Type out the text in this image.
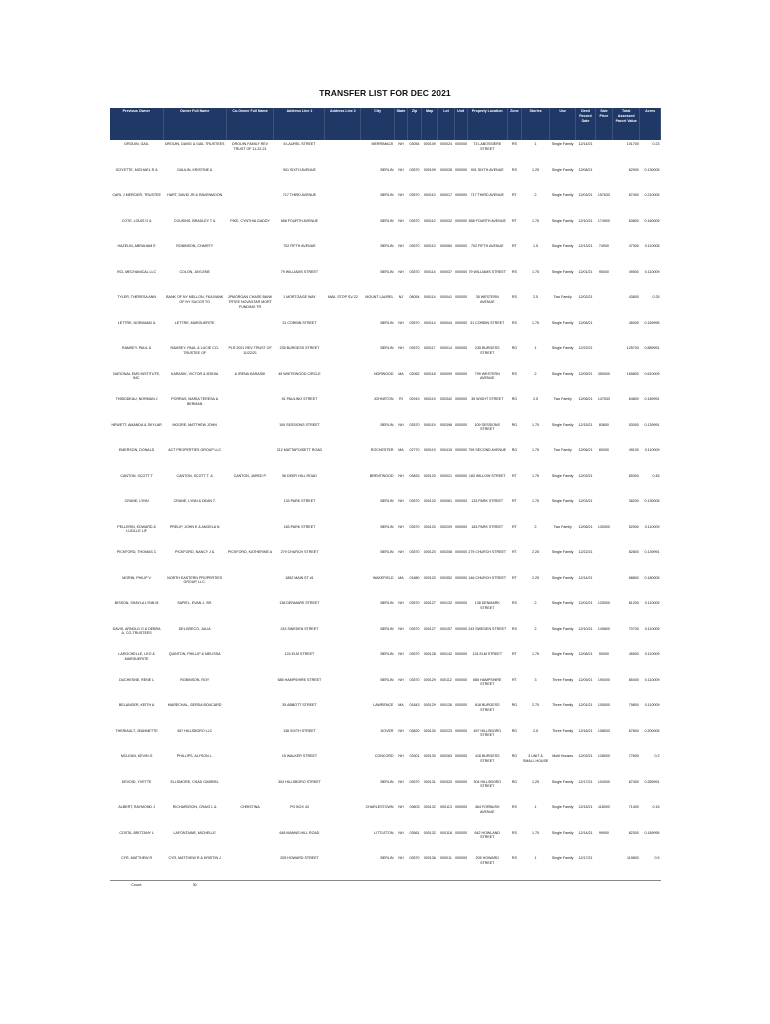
TRANSFER LIST FOR DEC 2021
Previous Owner	Owner Full Name	Co-Owner Full Name	Address Line 1	Address Line 2	City	State	Zip	Map	Lot	Unit	Property Location	Zone	Stories	Use	Deed Record Date	Sale Price	Total Assessed Parcel Value	Acres
DROUIN, GAIL	DROUIN, DAVID & GAIL TRUSTEES	DROUIN FAMILY REV TRUST OF 11-22-21	6 LAUREL STREET		MERRIMACK	NH	03054	000109	000024	000000	73 LABOSSIERE STREET	RS	1	Single Family	12/14/21		101700	0.23
GOYETTE, MICHAEL R &	GAULIN, KRISTINE A		901 SIXTH AVENUE		BERLIN	NH	03570	000109	000028	000000	901 SIXTH AVENUE	RS	1.25	Single Family	12/08/21		62900	0.130005
CARL J MERCIER, TRUSTEE	HART, DAVID JR & RAVENMOON		717 THIRD AVENUE		BERLIN	NH	03570	000110	000017	000000	717 THIRD AVENUE	RT	2	Single Family	12/03/21	157633	87400	0.210005
COTE, LOUIS G &	COUSINS, BRADLEY T &	PIKE, CYNTHIA GADDY	658 FOURTH AVENUE		BERLIN	NH	03570	000110	000032	000000	658 FOURTH AVENUE	RT	1.75	Single Family	12/10/21	174900	63800	0.160009
HAZELIN, ABRAHAM E	ROBINSON, CHARITY		702 FIFTH AVENUE		BERLIN	NH	03570	000110	000060	000000	702 FIFTH AVENUE	RT	1.5	Single Family	12/13/21	74900	47300	0.110005
RCL MECHANICAL LLC	COLON, JAYLENE		79 WILLIAMS STREET		BERLIN	NH	03570	000114	000037	000000	79 WILLIAMS STREET	RS	1.75	Single Family	12/01/21	95000	49500	0.110009
TYLER, THERESA ANN	BANK OF NY MELLON, FKA BANK OF NY SUCCR TO	JPMORGAN CHASE BANK TRTEE NOVASTAR MORT FUNDING TR	1 MORTGAGE WAY	MAIL STOP SV-22	MOUNT LAUREL	NJ	08054	000114	000041	000000	35 WESTERN AVENUE	RS	2.5	Two Family	12/02/21		43800	0.25
LETTRE, NORMAND &	LETTRE, MARGUERITE		31 CORBIN STREET		BERLIN	NH	03570	000114	000044	000000	31 CORBIN STREET	RS	1.75	Single Family	12/08/21		45000	0.169995
RAMSEY, PAUL &	RAMSEY, PAUL & LUCIE CO-TRUSTEE OF	PLR 2021 REV TRUST OF 11/22/21	235 BURGESS STREET		BERLIN	NH	03570	000117	000014	000000	235 BURGESS STREET	RG	1	Single Family	12/22/21		125700	0.889991
NATIONAL EMS INSTITUTE, INC.	KARASIK, VICTOR & IESHIA	& IRENA KARASIK	45 WHITEWOOD CIRCLE		NORWOOD	MA	02062	000118	000009	000000	799 WESTERN AVENUE	RS	2	Single Family	12/09/21	350000	169800	0.610009
THIBODEAU, NORMAN J	PORRAS, MARIA TERESA & BERMAN		51 PAULINO STREET		JOHNSTON	RI	02919	000119	000342	000000	35 WIGHT STREET	RG	2.5	Two Family	12/06/21	147533	64800	0.189991
HEWETT, AMANDA & SKYLAR	MOORE, MATTHEW JOHN		109 SESSIONS STREET		BERLIN	NH	03570	000119	000398	000000	109 SESSIONS STREET	RG	1.75	Single Family	12/15/21	83600	53000	0.139991
EMERSON, DONALD	ACT PROPERTIES GROUP LLC		212 MATTAPOISETT ROAD		ROCHESTER	MA	02770	000119	000415	000000	799 SECOND AVENUE	RG	1.75	Two Family	12/06/21	80000	49100	0.110009
CANTON, SCOTT T	CANTON, SCOTT T. &	CANTON, JARED P.	96 DEER HILL ROAD		BRENTWOOD	NH	03833	000120	000021	000000	183 WILLOW STREET	RT	1.75	Single Family	12/03/21		65300	0.45
CRANE, LYNN	CRANE, LYNN & DEAN T.		133 PARK STREET		BERLIN	NH	03570	000120	000061	000000	133 PARK STREET	RT	1.75	Single Family	12/03/21		38200	0.130005
PELLERIN, EDWARD & LUCILLE LIF	PRELIP, JOHN E & ANGELA N		183 PARK STREET		BERLIN	NH	03570	000120	000209	000000	183 PARK STREET	RT	2	Two Family	12/06/21	130000	52000	0.110009
PICKFORD, THOMAS C	PICKFORD, NANCY J &	PICKFORD, KATHERINE A	279 CHURCH STREET		BERLIN	NH	03570	000120	000308	000000	279 CHURCH STREET	RT	2.25	Single Family	12/22/21		82800	0.139991
MORIN, PHILIP V	NORTH EASTERN PROPERTIES GROUP, LLC.		1852 MAIN ST #1		WAKEFIELD	MA	01880	000120	000352	000000	146 CHURCH STREET	RT	2.25	Single Family	12/14/21		68800	0.180005
BISSON, SHAYLA LYNN M	SAPIEL, EVAN J. SR.		138 DENMARK STREET		BERLIN	NH	03570	000127	000132	000000	138 DENMARK STREET	RS	2	Single Family	12/02/21	125000	81200	0.110009
DAVIS, ARNOLD G & DEBRA A, CO-TRUSTEES	DELGRECO, JULIA		243 SWEDEN STREET		BERLIN	NH	03570	000127	000157	000000	243 SWEDEN STREET	RS	2	Single Family	12/10/21	149800	70700	0.110009
LAROCHELLE, LEO & MARGUERITE	QUINTON, PHILLIP & MELISSA		124 ELM STREET		BERLIN	NH	03570	000128	000142	000000	124 ELM STREET	RT	1.75	Single Family	12/08/21	50000	45500	0.110009
DUCHESNE, RENE L	ROBINSON, ROY		685 HAMPSHIRE STREET		BERLIN	NH	03570	000129	000112	000000	685 HAMPSHIRE STREET	RT	3	Three Family	12/09/21	190000	85400	0.110009
BELANGER, KEITH A	MARECHAL, GERDA BOUCARD		35 ABBOTT STREET		LAWRENCE	MA	01843	000129	000126	000000	616 BURGESS STREET	RG	2.75	Three Family	12/01/21	105000	79800	0.110009
THERIAULT, JEANNETTE	457 HILLSBORO LLC		138 SIXTH STREET		DOVER	NH	03820	000130	000223	000000	457 HILLSBORO STREET	RG	2.5	Three Family	12/16/21	108533	67800	0.200005
MCLEAN, KEVIN G	PHILLIPS, ALYSON L.		15 WALKER STREET		CONCORD	NH	03301	000130	000263	000000	416 BURGESS STREET	RG	3 UNIT & SMALL HOUSE	Multi Houses	12/03/21	128000	77600	0.2
DEVOID, YVETTE	ELLSMORE, CHAD GABRIEL		304 HILLSBORO STREET		BERLIN	NH	03570	000131	000320	000000	304 HILLSBORO STREET	RG	1.25	Single Family	12/17/21	104000	87400	0.289991
ALBERT, RAYMOND J	RICHARDSON, CRAIG L &	CHRISTINA	PO BOX 43		CHARLESTOWN	NH	03603	000132	000113	000000	464 FORBUSH AVENUE	RS	1	Single Family	12/15/21	118000	71400	0.15
COSTA, BRITTANY L	LAFONTAINE, MICHELLE		648 MANNS HILL ROAD		LITTLETON	NH	03561	000132	000118	000000	642 HOWLAND STREET	RS	1.75	Single Family	12/14/21	99900	82300	0.189995
CYR, MATTHEW R	CYR, MATTHEW R & KRISTIN J		205 HOWARD STREET		BERLIN	NH	03570	000136	000011	000000	205 HOWARD STREET	RS	1	Single Family	12/17/21		119800	0.5
Count:	30																	
